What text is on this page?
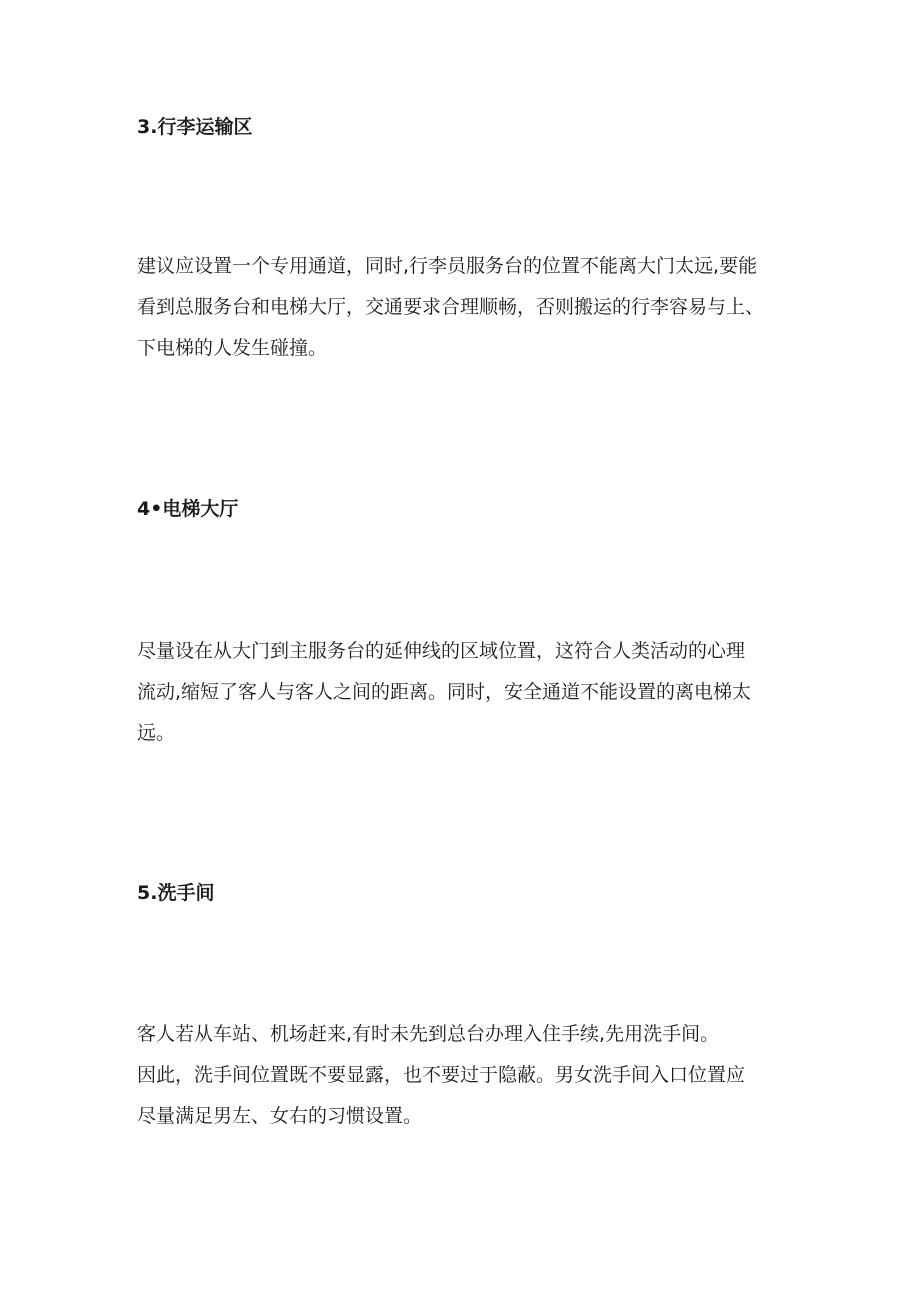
3.行李运输区

建议应设置一个专用通道，同时,行李员服务台的位置不能离大门太远,要能
看到总服务台和电梯大厅，交通要求合理顺畅，否则搬运的行李容易与上、
下电梯的人发生碰撞。

4•电梯大厅

尽量设在从大门到主服务台的延伸线的区域位置，这符合人类活动的心理
流动,缩短了客人与客人之间的距离。同时，安全通道不能设置的离电梯太
远。

5.洗手间

客人若从车站、机场赶来,有时未先到总台办理入住手续,先用洗手间。
因此，洗手间位置既不要显露，也不要过于隐蔽。男女洗手间入口位置应
尽量满足男左、女右的习惯设置。
